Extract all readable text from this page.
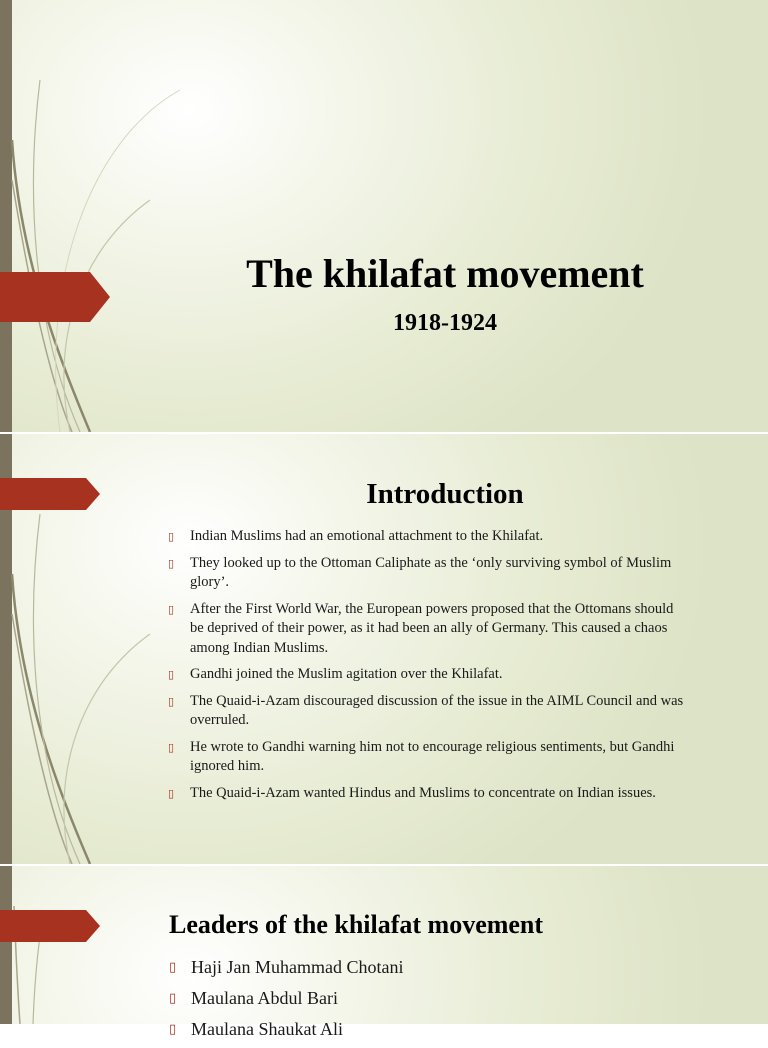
The khilafat movement
1918-1924
Introduction
▯ Indian Muslims had an emotional attachment to the Khilafat.
▯ They looked up to the Ottoman Caliphate as the ‘only surviving symbol of Muslim glory’.
▯ After the First World War, the European powers proposed that the Ottomans should be deprived of their power, as it had been an ally of Germany. This caused a chaos among Indian Muslims.
▯ Gandhi joined the Muslim agitation over the Khilafat.
▯ The Quaid-i-Azam discouraged discussion of the issue in the AIML Council and was overruled.
▯ He wrote to Gandhi warning him not to encourage religious sentiments, but Gandhi ignored him.
▯ The Quaid-i-Azam wanted Hindus and Muslims to concentrate on Indian issues.
Leaders of the khilafat movement
▯ Haji Jan Muhammad Chotani
▯ Maulana Abdul Bari
▯ Maulana Shaukat Ali
